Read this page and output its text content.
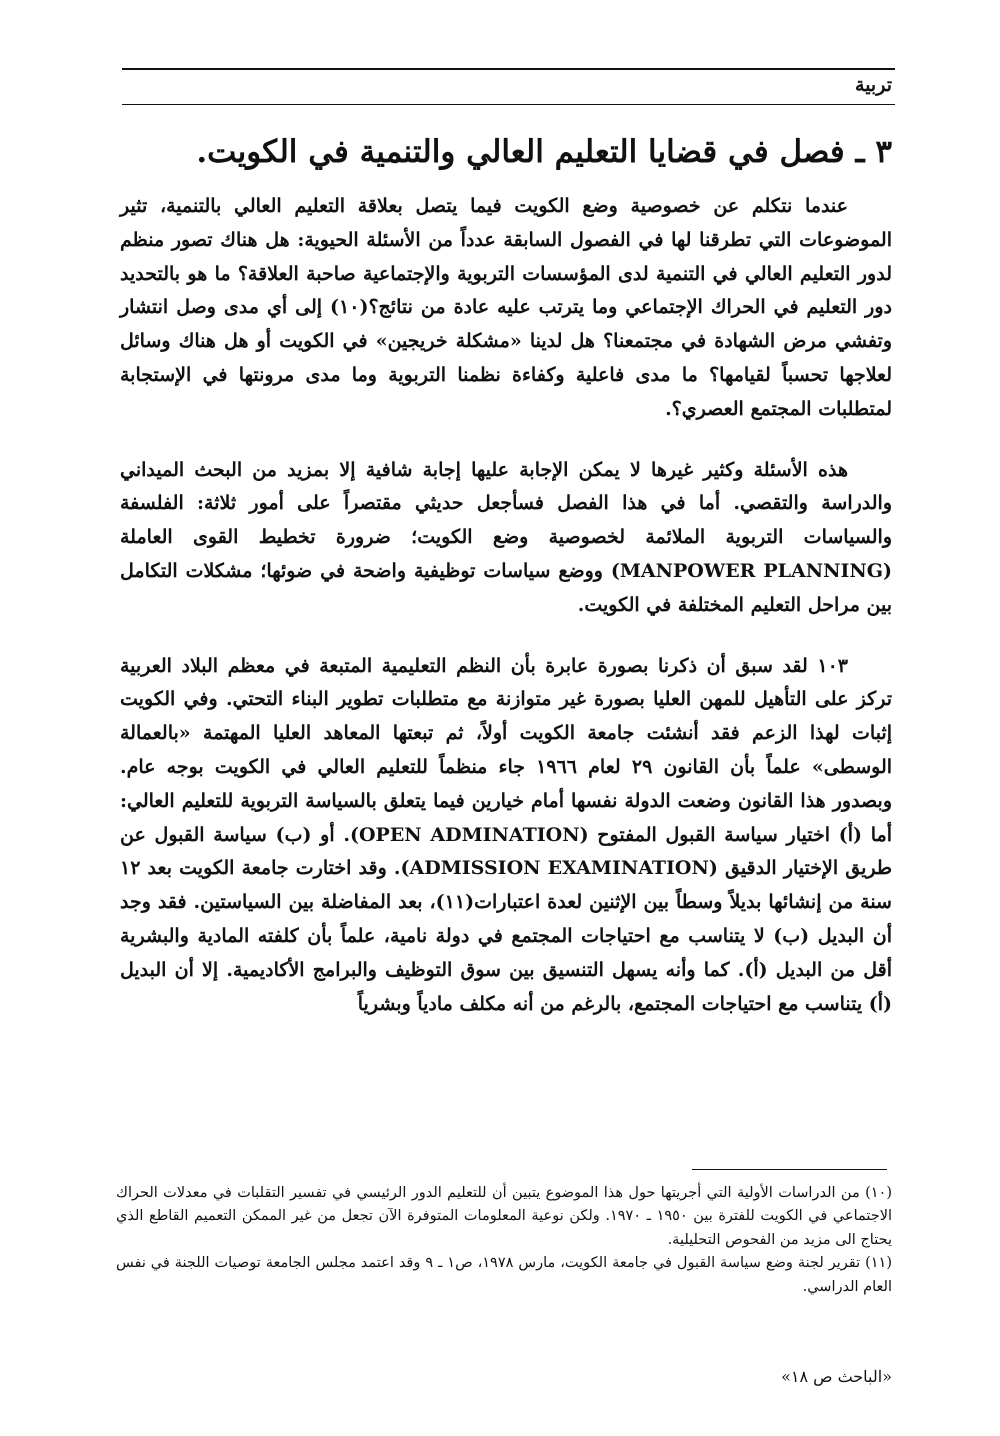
تربية
٣ ـ فصل في قضايا التعليم العالي والتنمية في الكويت.

عندما نتكلم عن خصوصية وضع الكويت فيما يتصل بعلاقة التعليم العالي بالتنمية، تثير الموضوعات التي تطرقنا لها في الفصول السابقة عدداً من الأسئلة الحيوية: هل هناك تصور منظم لدور التعليم العالي في التنمية لدى المؤسسات التربوية والإجتماعية صاحبة العلاقة؟ ما هو بالتحديد دور التعليم في الحراك الإجتماعي وما يترتب عليه عادة من نتائج؟(١٠) إلى أي مدى وصل انتشار وتفشي مرض الشهادة في مجتمعنا؟ هل لدينا «مشكلة خريجين» في الكويت أو هل هناك وسائل لعلاجها تحسباً لقيامها؟ ما مدى فاعلية وكفاءة نظمنا التربوية وما مدى مرونتها في الإستجابة لمتطلبات المجتمع العصري؟.

هذه الأسئلة وكثير غيرها لا يمكن الإجابة عليها إجابة شافية إلا بمزيد من البحث الميداني والدراسة والتقصي. أما في هذا الفصل فسأجعل حديثي مقتصراً على أمور ثلاثة: الفلسفة والسياسات التربوية الملائمة لخصوصية وضع الكويت؛ ضرورة تخطيط القوى العاملة (MANPOWER PLANNING) ووضع سياسات توظيفية واضحة في ضوئها؛ مشكلات التكامل بين مراحل التعليم المختلفة في الكويت.

١٠٣ لقد سبق أن ذكرنا بصورة عابرة بأن النظم التعليمية المتبعة في معظم البلاد العربية تركز على التأهيل للمهن العليا بصورة غير متوازنة مع متطلبات تطوير البناء التحتي. وفي الكويت إثبات لهذا الزعم فقد أنشئت جامعة الكويت أولاً، ثم تبعتها المعاهد العليا المهتمة «بالعمالة الوسطى» علماً بأن القانون ٢٩ لعام ١٩٦٦ جاء منظماً للتعليم العالي في الكويت بوجه عام. وبصدور هذا القانون وضعت الدولة نفسها أمام خيارين فيما يتعلق بالسياسة التربوية للتعليم العالي: أما (أ) اختيار سياسة القبول المفتوح (OPEN ADMINATION). أو (ب) سياسة القبول عن طريق الإختيار الدقيق (ADMISSION EXAMINATION). وقد اختارت جامعة الكويت بعد ١٢ سنة من إنشائها بديلاً وسطاً بين الإثنين لعدة اعتبارات(١١)، بعد المفاضلة بين السياستين. فقد وجد أن البديل (ب) لا يتناسب مع احتياجات المجتمع في دولة نامية، علماً بأن كلفته المادية والبشرية أقل من البديل (أ). كما وأنه يسهل التنسيق بين سوق التوظيف والبرامج الأكاديمية. إلا أن البديل (أ) يتناسب مع احتياجات المجتمع، بالرغم من أنه مكلف مادياً وبشرياً

(١٠) من الدراسات الأولية التي أجريتها حول هذا الموضوع يتبين أن للتعليم الدور الرئيسي في تفسير التقلبات في معدلات الحراك الاجتماعي في الكويت للفترة بين ١٩٥٠ ـ ١٩٧٠. ولكن نوعية المعلومات المتوفرة الآن تجعل من غير الممكن التعميم القاطع الذي يحتاج الى مزيد من الفحوص التحليلية.

(١١) تقرير لجنة وضع سياسة القبول في جامعة الكويت، مارس ١٩٧٨، ص١ ـ ٩ وقد اعتمد مجلس الجامعة توصيات اللجنة في نفس العام الدراسي.

«الباحث ص ١٨»
